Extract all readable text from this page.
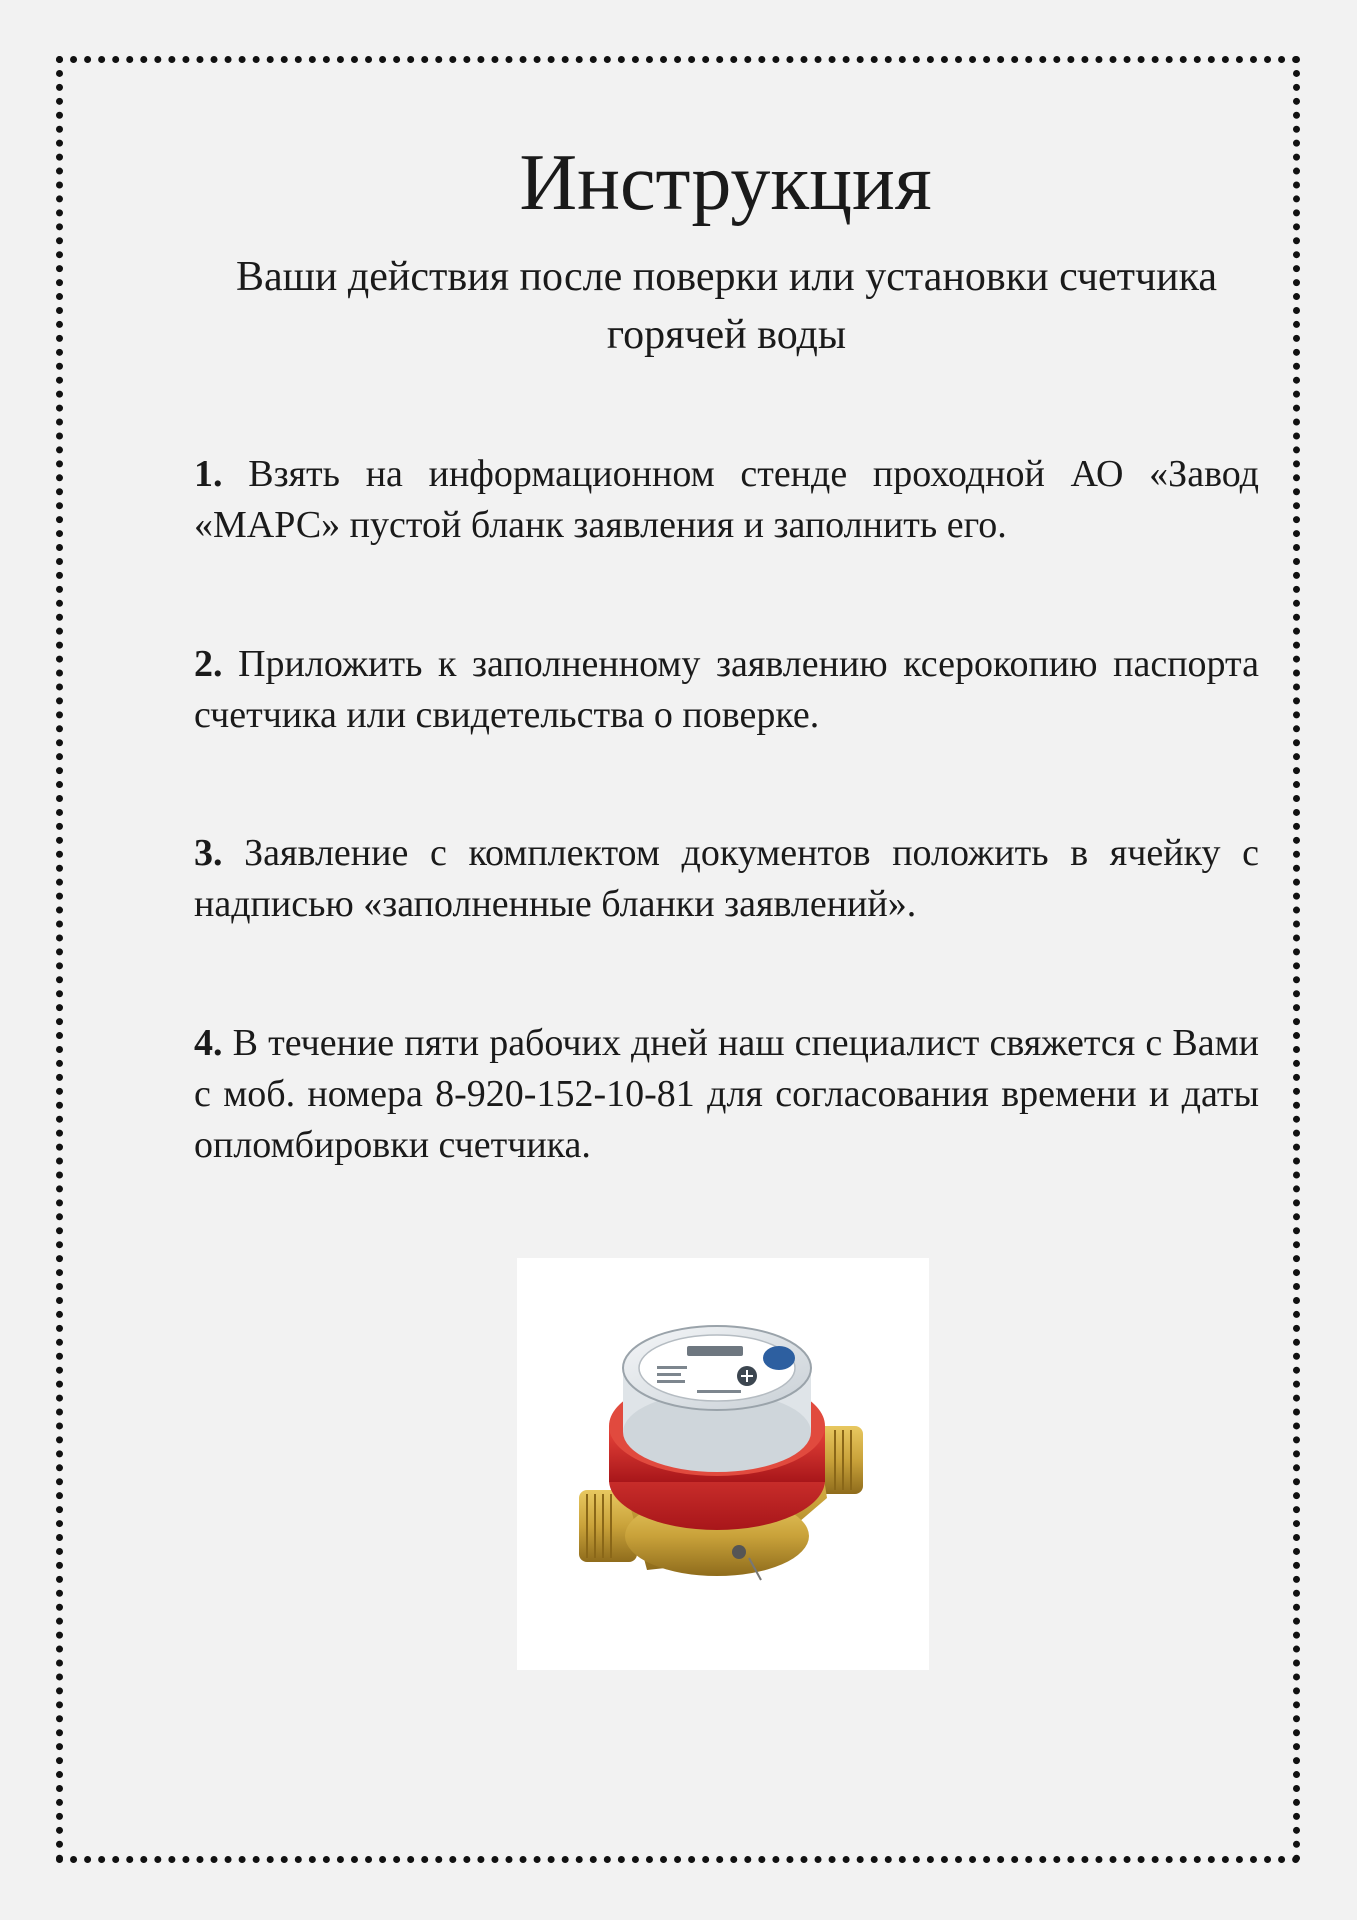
Инструкция

Ваши действия после поверки или установки счетчика горячей воды

1. Взять на информационном стенде проходной АО «Завод «МАРС» пустой бланк заявления и заполнить его.

2. Приложить к заполненному заявлению ксерокопию паспорта счетчика или свидетельства о поверке.

3. Заявление с комплектом документов положить в ячейку с надписью «заполненные бланки заявлений».

4. В течение пяти рабочих дней наш специалист свяжется с Вами с моб. номера 8-920-152-10-81 для согласования времени и даты опломбировки счетчика.
